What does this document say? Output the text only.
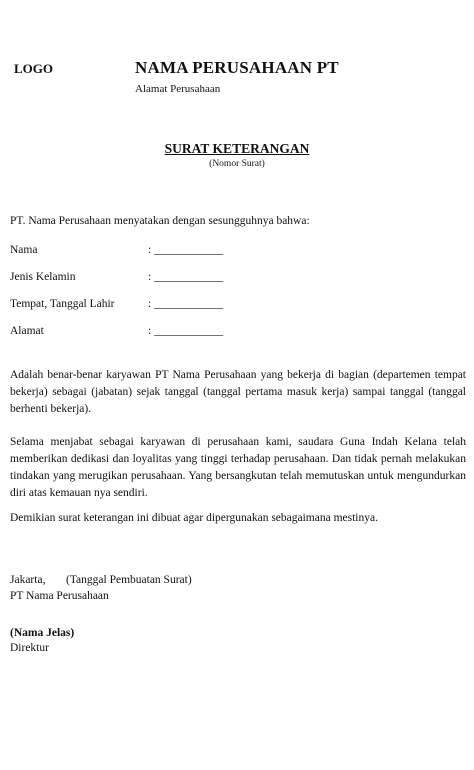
LOGO	NAMA PERUSAHAAN PT
Alamat Perusahaan
SURAT KETERANGAN
(Nomor Surat)
PT. Nama Perusahaan menyatakan dengan sesungguhnya bahwa:
Nama	: ____________
Jenis Kelamin	: ____________
Tempat, Tanggal Lahir	: ____________
Alamat	: ____________
Adalah benar-benar karyawan PT Nama Perusahaan yang bekerja di bagian (departemen tempat bekerja) sebagai (jabatan) sejak tanggal (tanggal pertama masuk kerja) sampai tanggal (tanggal berhenti bekerja).
Selama menjabat sebagai karyawan di perusahaan kami, saudara Guna Indah Kelana telah memberikan dedikasi dan loyalitas yang tinggi terhadap perusahaan. Dan tidak pernah melakukan tindakan yang merugikan perusahaan. Yang bersangkutan telah memutuskan untuk mengundurkan diri atas kemauan nya sendiri.
Demikian surat keterangan ini dibuat agar dipergunakan sebagaimana mestinya.
Jakarta, (Tanggal Pembuatan Surat)
PT Nama Perusahaan
(Nama Jelas)
Direktur
